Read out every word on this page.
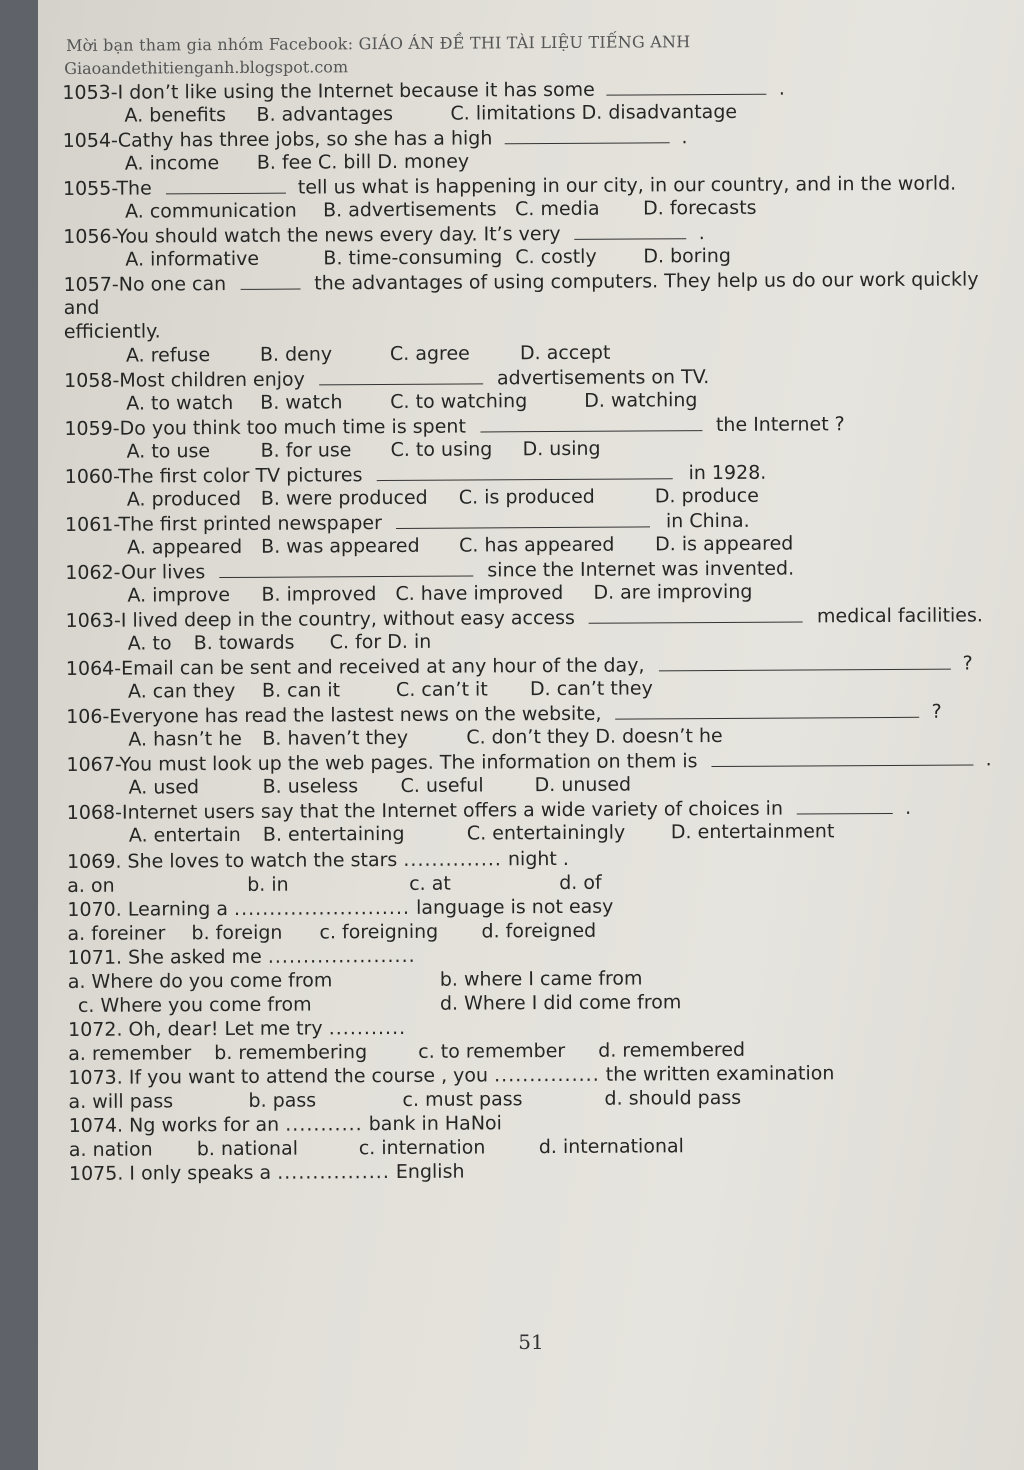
Mời bạn tham gia nhóm Facebook: GIÁO ÁN ĐỀ THI TÀI LIỆU TIẾNG ANH
Giaoandethitienganh.blogspot.com
1053-I don’t like using the Internet because it has some	.
A. benefits B. advantages	C. limitations D. disadvantage
1054-Cathy has three jobs, so she has a high	.
A. income B. fee C. bill D. money
1055-The	tell us what is happening in our city, in our country, and in the world.
A. communication B. advertisements C. media D. forecasts
1056-You should watch the news every day. It’s very	.
A. informative	B. time-consuming C. costly D. boring
1057-No one can	the advantages of using computers. They help us do our work quickly
and
efficiently.
A. refuse	B. deny	C. agree	D. accept
1058-Most children enjoy	advertisements on TV.
A. to watch B. watch	C. to watching	D. watching
1059-Do you think too much time is spent	the Internet ?
A. to use	B. for use C. to using D. using
1060-The first color TV pictures	in 1928.
A. produced B. were produced C. is produced	D. produce
1061-The first printed newspaper	in China.
A. appeared B. was appeared C. has appeared D. is appeared
1062-Our lives	since the Internet was invented.
A. improve B. improved C. have improved D. are improving
1063-I lived deep in the country, without easy access	medical facilities.
A. to B. towards C. for D. in
1064-Email can be sent and received at any hour of the day,	?
A. can they B. can it	C. can’t it D. can’t they
106-Everyone has read the lastest news on the website,	?
A. hasn’t he B. haven’t they	C. don’t they D. doesn’t he
1067-You must look up the web pages. The information on them is	.
A. used	B. useless C. useful	D. unused
1068-Internet users say that the Internet offers a wide variety of choices in	.
A. entertain B. entertaining	C. entertainingly D. entertainment
1069. She loves to watch the stars .............. night .
a. on	b. in	c. at	d. of
1070. Learning a ......................... language is not easy
a. foreiner b. foreign c. foreigning d. foreigned
1071. She asked me .....................
a. Where do you come from	b. where I came from
c. Where you come from	d. Where I did come from
1072. Oh, dear! Let me try ...........
a. remember b. remembering	c. to remember d. remembered
1073. If you want to attend the course , you ............... the written examination
a. will pass	b. pass	c. must pass	d. should pass
1074. Ng works for an ........... bank in HaNoi
a. nation b. national	c. internation	d. international
1075. I only speaks a ................ English
51
